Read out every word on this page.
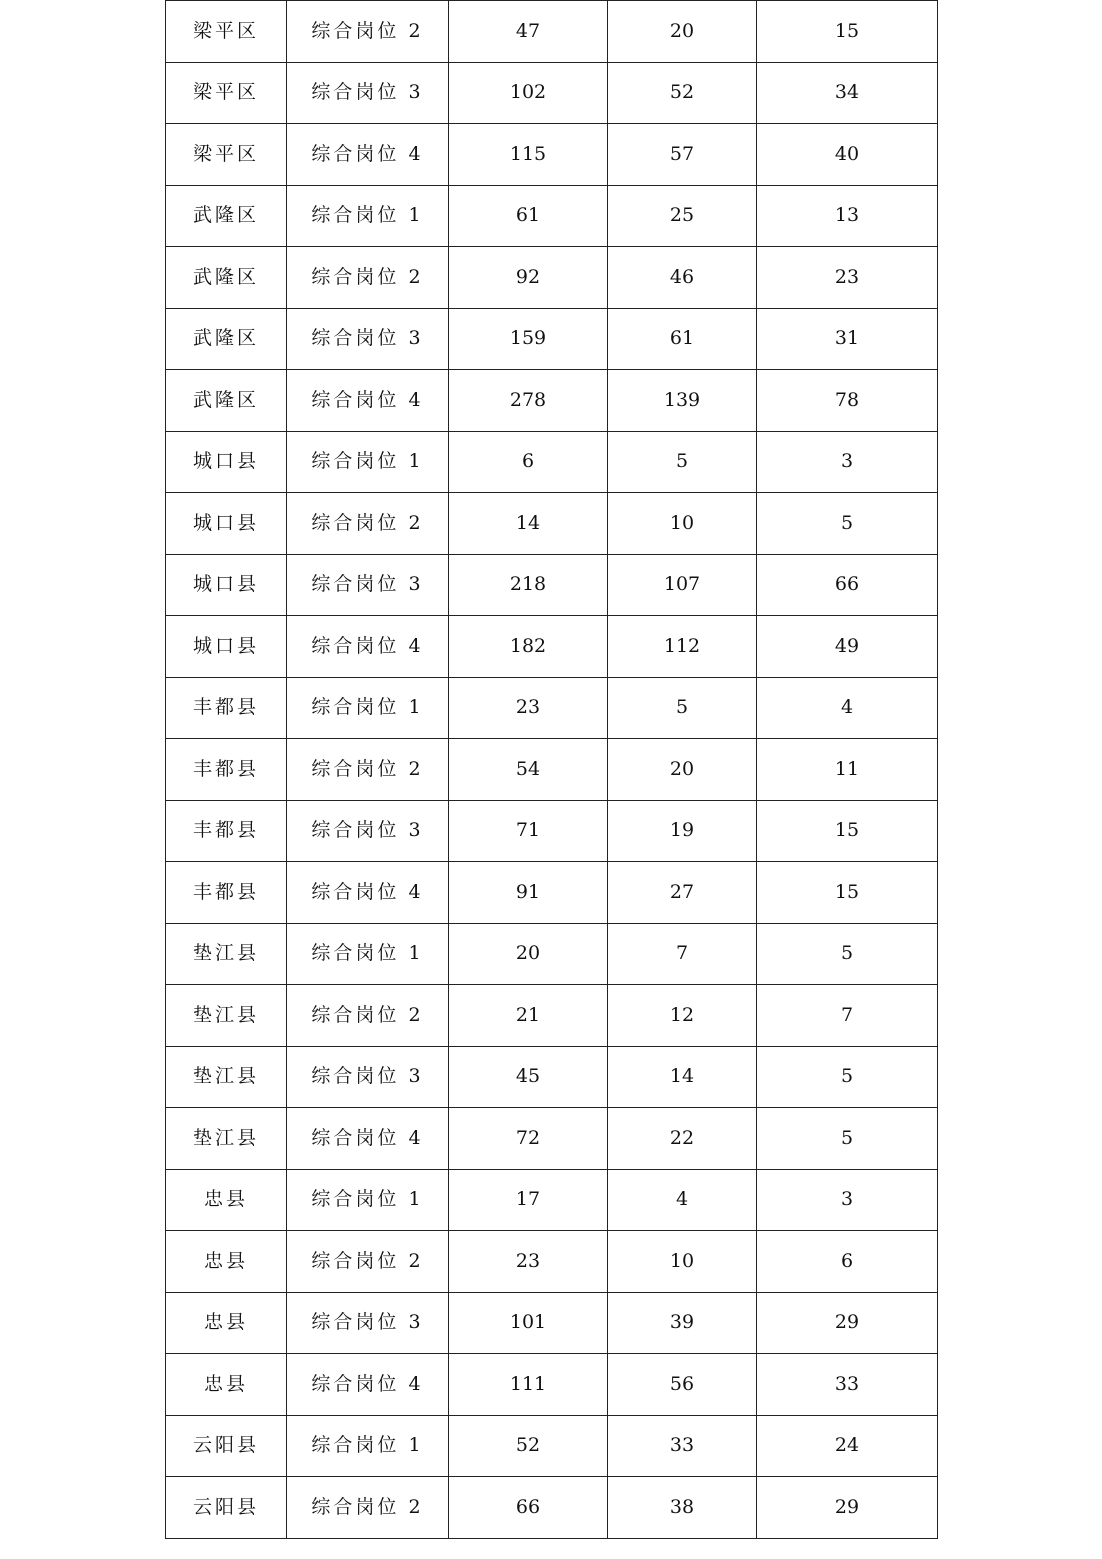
梁平区	综合岗位 2	47	20	15
梁平区	综合岗位 3	102	52	34
梁平区	综合岗位 4	115	57	40
武隆区	综合岗位 1	61	25	13
武隆区	综合岗位 2	92	46	23
武隆区	综合岗位 3	159	61	31
武隆区	综合岗位 4	278	139	78
城口县	综合岗位 1	6	5	3
城口县	综合岗位 2	14	10	5
城口县	综合岗位 3	218	107	66
城口县	综合岗位 4	182	112	49
丰都县	综合岗位 1	23	5	4
丰都县	综合岗位 2	54	20	11
丰都县	综合岗位 3	71	19	15
丰都县	综合岗位 4	91	27	15
垫江县	综合岗位 1	20	7	5
垫江县	综合岗位 2	21	12	7
垫江县	综合岗位 3	45	14	5
垫江县	综合岗位 4	72	22	5
忠县	综合岗位 1	17	4	3
忠县	综合岗位 2	23	10	6
忠县	综合岗位 3	101	39	29
忠县	综合岗位 4	111	56	33
云阳县	综合岗位 1	52	33	24
云阳县	综合岗位 2	66	38	29
